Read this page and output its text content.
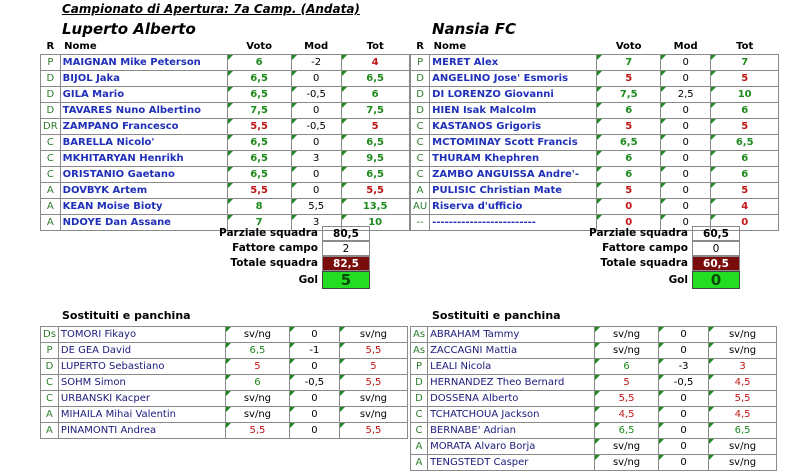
Campionato di Apertura: 7a Camp. (Andata)
Luperto Alberto
R	Nome	Voto	Mod	Tot
P	MAIGNAN Mike Peterson	6	-2	4
D	BIJOL Jaka	6,5	0	6,5
D	GILA Mario	6,5	-0,5	6
D	TAVARES Nuno Albertino	7,5	0	7,5
DR	ZAMPANO Francesco	5,5	-0,5	5
C	BARELLA Nicolo'	6,5	0	6,5
C	MKHITARYAN Henrikh	6,5	3	9,5
C	ORISTANIO Gaetano	6,5	0	6,5
A	DOVBYK Artem	5,5	0	5,5
A	KEAN Moise Bioty	8	5,5	13,5
A	NDOYE Dan Assane	7	3	10
Parziale squadra	80,5
Fattore campo	2
Totale squadra	82,5
Gol	5
Sostituiti e panchina
Ds	TOMORI Fikayo	sv/ng	0	sv/ng
P	DE GEA David	6,5	-1	5,5
D	LUPERTO Sebastiano	5	0	5
C	SOHM Simon	6	-0,5	5,5
C	URBANSKI Kacper	sv/ng	0	sv/ng
A	MIHAILA Mihai Valentin	sv/ng	0	sv/ng
A	PINAMONTI Andrea	5,5	0	5,5
Nansia FC
R	Nome	Voto	Mod	Tot
P	MERET Alex	7	0	7
D	ANGELINO Jose' Esmoris	5	0	5
D	DI LORENZO Giovanni	7,5	2,5	10
D	HIEN Isak Malcolm	6	0	6
C	KASTANOS Grigoris	5	0	5
C	MCTOMINAY Scott Francis	6,5	0	6,5
C	THURAM Khephren	6	0	6
C	ZAMBO ANGUISSA Andre'-	6	0	6
A	PULISIC Christian Mate	5	0	5
AU	Riserva d'ufficio	0	0	4
--	-------------------------	0	0	0
Parziale squadra	60,5
Fattore campo	0
Totale squadra	60,5
Gol	0
Sostituiti e panchina
As	ABRAHAM Tammy	sv/ng	0	sv/ng
As	ZACCAGNI Mattia	sv/ng	0	sv/ng
P	LEALI Nicola	6	-3	3
D	HERNANDEZ Theo Bernard	5	-0,5	4,5
D	DOSSENA Alberto	5,5	0	5,5
C	TCHATCHOUA Jackson	4,5	0	4,5
C	BERNABE' Adrian	6,5	0	6,5
A	MORATA Alvaro Borja	sv/ng	0	sv/ng
A	TENGSTEDT Casper	sv/ng	0	sv/ng
